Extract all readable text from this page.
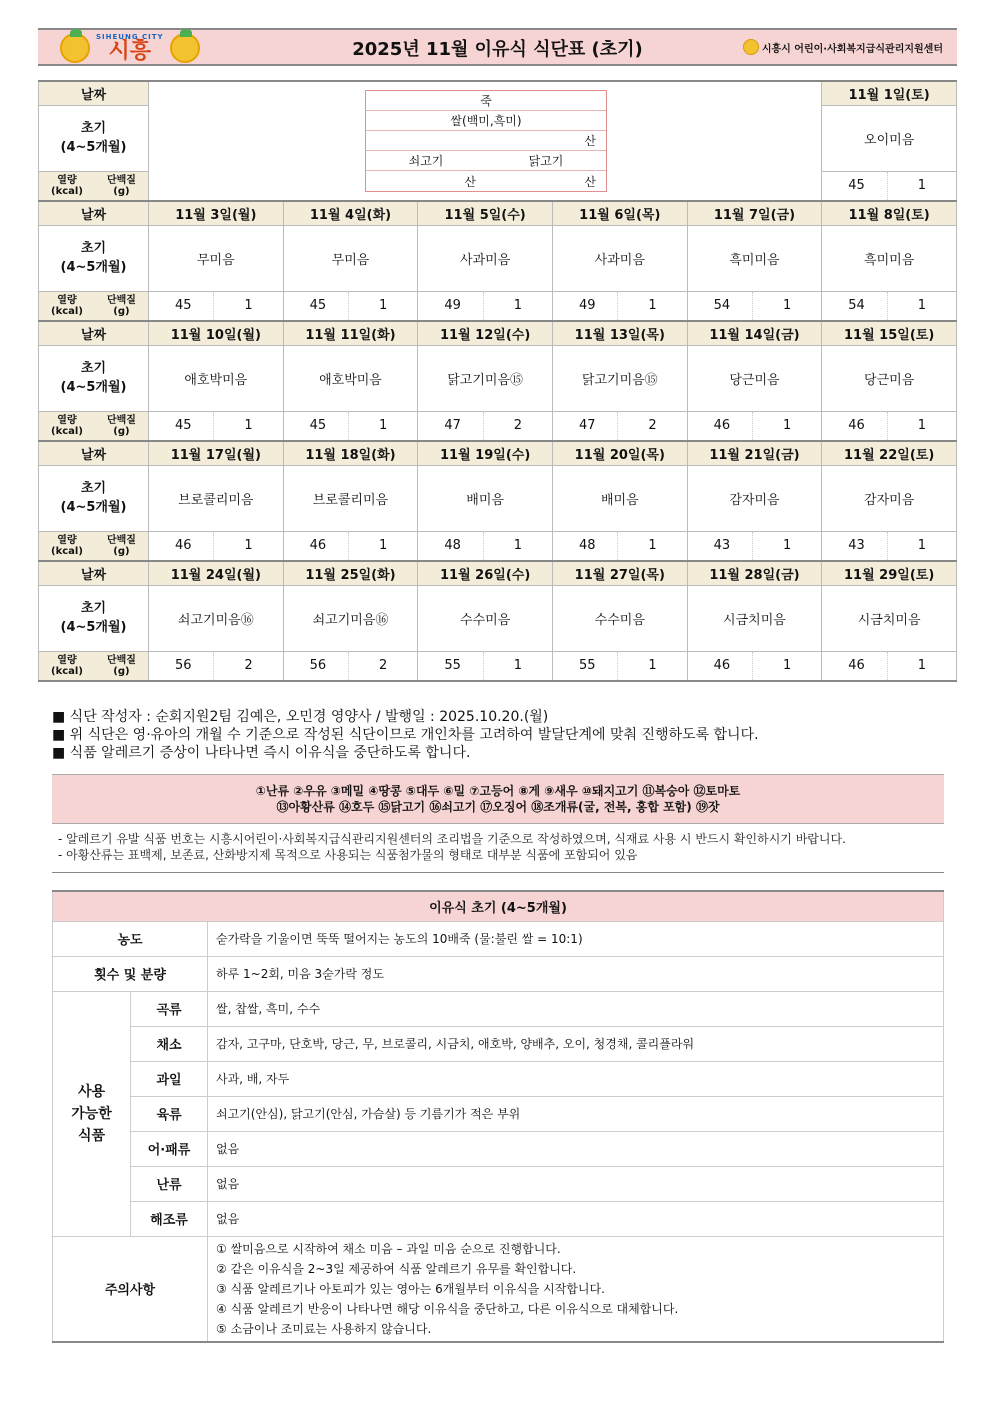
SIHEUNG CITY
시흥	2025년 11월 이유식 식단표 (초기)	시흥시 어린이·사회복지급식관리지원센터
날짜						11월 1일(토)
초기
(4~5개월)						오이미음

열량
(kcal)
단백질
(g)						45 1

날짜	11월 3일(월)	11월 4일(화)	11월 5일(수)	11월 6일(목)	11월 7일(금)	11월 8일(토)
초기
(4~5개월)	무미음	무미음	사과미음	사과미음	흑미미음	흑미미음

열량
(kcal)
단백질
(g)	45 1	45 1	49 1	49 1	54 1	54 1

날짜	11월 10일(월)	11월 11일(화)	11월 12일(수)	11월 13일(목)	11월 14일(금)	11월 15일(토)
초기
(4~5개월)	애호박미음	애호박미음	닭고기미음⑮	닭고기미음⑮	당근미음	당근미음

열량
(kcal)
단백질
(g)	45 1	45 1	47 2	47 2	46 1	46 1

날짜	11월 17일(월)	11월 18일(화)	11월 19일(수)	11월 20일(목)	11월 21일(금)	11월 22일(토)
초기
(4~5개월)	브로콜리미음	브로콜리미음	배미음	배미음	감자미음	감자미음

열량
(kcal)
단백질
(g)	46 1	46 1	48 1	48 1	43 1	43 1

날짜	11월 24일(월)	11월 25일(화)	11월 26일(수)	11월 27일(목)	11월 28일(금)	11월 29일(토)
초기
(4~5개월)	쇠고기미음⑯	쇠고기미음⑯	수수미음	수수미음	시금치미음	시금치미음

열량
(kcal)
단백질
(g)	56 2	56 2	55 1	55 1	46 1	46 1
죽
쌀(백미,흑미)
산
쇠고기	닭고기
산	산

■ 식단 작성자 : 순회지원2팀 김예은, 오민경 영양사 / 발행일 : 2025.10.20.(월)

■ 위 식단은 영·유아의 개월 수 기준으로 작성된 식단이므로 개인차를 고려하여 발달단계에 맞춰 진행하도록 합니다.

■ 식품 알레르기 증상이 나타나면 즉시 이유식을 중단하도록 합니다.

①난류 ②우유 ③메밀 ④땅콩 ⑤대두 ⑥밀 ⑦고등어 ⑧게 ⑨새우 ⑩돼지고기 ⑪복숭아 ⑫토마토
⑬아황산류 ⑭호두 ⑮닭고기 ⑯쇠고기 ⑰오징어 ⑱조개류(굴, 전복, 홍합 포함) ⑲잣

- 알레르기 유발 식품 번호는 시흥시어린이·사회복지급식관리지원센터의 조리법을 기준으로 작성하였으며, 식재료 사용 시 반드시 확인하시기 바랍니다.

- 아황산류는 표백제, 보존료, 산화방지제 목적으로 사용되는 식품첨가물의 형태로 대부분 식품에 포함되어 있음

이유식 초기 (4~5개월)		
농도		숟가락을 기울이면 뚝뚝 떨어지는 농도의 10배죽 (물:불린 쌀 = 10:1)
횟수 및 분량		하루 1~2회, 미음 3숟가락 정도
사용
가능한
식품	곡류	쌀, 찹쌀, 흑미, 수수
	채소	감자, 고구마, 단호박, 당근, 무, 브로콜리, 시금치, 애호박, 양배추, 오이, 청경채, 콜리플라워
	과일	사과, 배, 자두
	육류	쇠고기(안심), 닭고기(안심, 가슴살) 등 기름기가 적은 부위
	어·패류	없음
	난류	없음
	해조류	없음
주의사항		① 쌀미음으로 시작하여 채소 미음 – 과일 미음 순으로 진행합니다.

② 같은 이유식을 2~3일 제공하여 식품 알레르기 유무를 확인합니다.

③ 식품 알레르기나 아토피가 있는 영아는 6개월부터 이유식을 시작합니다.

④ 식품 알레르기 반응이 나타나면 해당 이유식을 중단하고, 다른 이유식으로 대체합니다.

⑤ 소금이나 조미료는 사용하지 않습니다.
